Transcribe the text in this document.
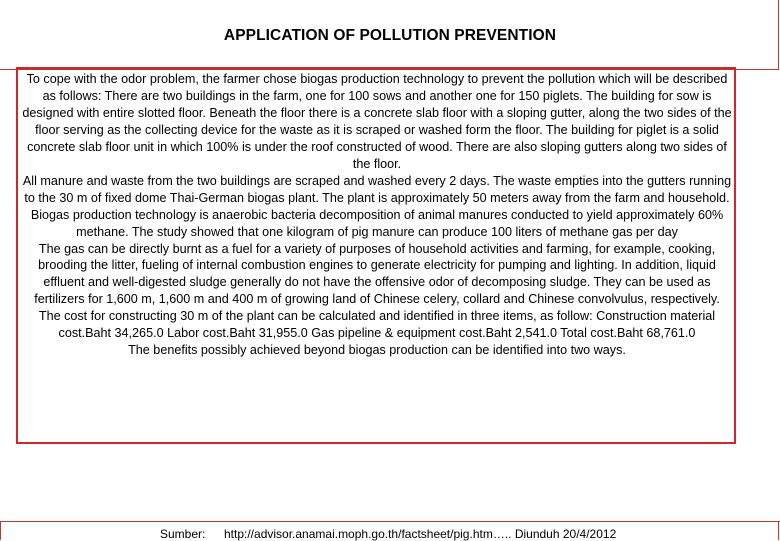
APPLICATION OF POLLUTION PREVENTION

To cope with the odor problem, the farmer chose biogas production technology to prevent the pollution which will be described as follows: There are two buildings in the farm, one for 100 sows and another one for 150 piglets. The building for sow is designed with entire slotted floor. Beneath the floor there is a concrete slab floor with a sloping gutter, along the two sides of the floor serving as the collecting device for the waste as it is scraped or washed form the floor. The building for piglet is a solid concrete slab floor unit in which 100% is under the roof constructed of wood. There are also sloping gutters along two sides of the floor.

All manure and waste from the two buildings are scraped and washed every 2 days. The waste empties into the gutters running to the 30 m of fixed dome Thai-German biogas plant. The plant is approximately 50 meters away from the farm and household.

Biogas production technology is anaerobic bacteria decomposition of animal manures conducted to yield approximately 60% methane. The study showed that one kilogram of pig manure can produce 100 liters of methane gas per day

The gas can be directly burnt as a fuel for a variety of purposes of household activities and farming, for example, cooking, brooding the litter, fueling of internal combustion engines to generate electricity for pumping and lighting. In addition, liquid effluent and well-digested sludge generally do not have the offensive odor of decomposing sludge. They can be used as fertilizers for 1,600 m, 1,600 m and 400 m of growing land of Chinese celery, collard and Chinese convolvulus, respectively.

The cost for constructing 30 m of the plant can be calculated and identified in three items, as follow: Construction material cost.Baht 34,265.0 Labor cost.Baht 31,955.0 Gas pipeline & equipment cost.Baht 2,541.0 Total cost.Baht 68,761.0

The benefits possibly achieved beyond biogas production can be identified into two ways.

Sumber: http://advisor.anamai.moph.go.th/factsheet/pig.htm….. Diunduh 20/4/2012
